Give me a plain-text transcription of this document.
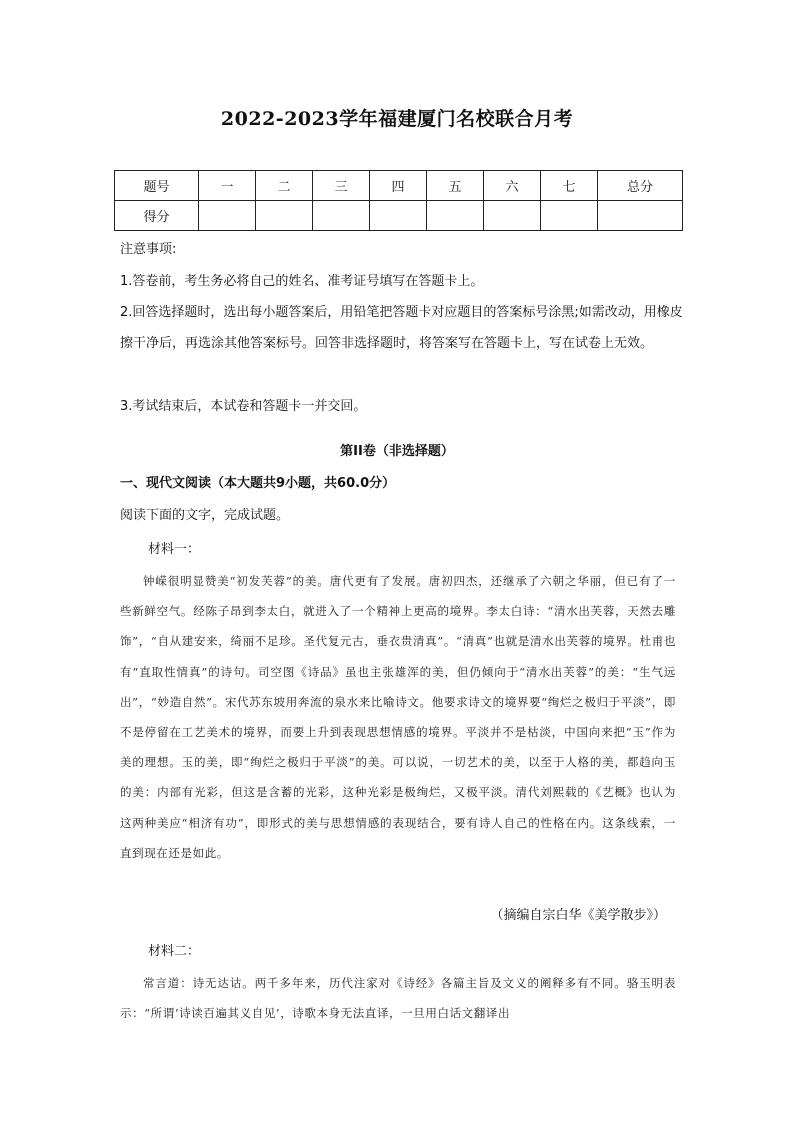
2022-2023学年福建厦门名校联合月考
题号	一	二	三	四	五	六	七	总分
得分								
注意事项:
1.答卷前，考生务必将自己的姓名、准考证号填写在答题卡上。
2.回答选择题时，选出每小题答案后，用铅笔把答题卡对应题目的答案标号涂黑;如需改动，用橡皮擦干净后，再选涂其他答案标号。回答非选择题时，将答案写在答题卡上，写在试卷上无效。
3.考试结束后，本试卷和答题卡一并交回。
第II卷（非选择题）
一、现代文阅读（本大题共9小题，共60.0分）
阅读下面的文字，完成试题。
材料一：
钟嵘很明显赞美“初发芙蓉”的美。唐代更有了发展。唐初四杰，还继承了六朝之华丽，但已有了一些新鲜空气。经陈子昂到李太白，就进入了一个精神上更高的境界。李太白诗：“清水出芙蓉，天然去雕饰”，“自从建安来，绮丽不足珍。圣代复元古，垂衣贵清真”。“清真”也就是清水出芙蓉的境界。杜甫也有“直取性情真”的诗句。司空图《诗品》虽也主张雄浑的美，但仍倾向于“清水出芙蓉”的美：“生气远出”，“妙造自然”。宋代苏东坡用奔流的泉水来比喻诗文。他要求诗文的境界要“绚烂之极归于平淡”，即不是停留在工艺美术的境界，而要上升到表现思想情感的境界。平淡并不是枯淡，中国向来把“玉”作为美的理想。玉的美，即“绚烂之极归于平淡”的美。可以说，一切艺术的美，以至于人格的美，都趋向玉的美：内部有光彩，但这是含蓄的光彩，这种光彩是极绚烂，又极平淡。清代刘熙载的《艺概》也认为这两种美应“相济有功”，即形式的美与思想情感的表现结合，要有诗人自己的性格在内。这条线索，一直到现在还是如此。
（摘编自宗白华《美学散步》）
材料二：
常言道：诗无达诂。两千多年来，历代注家对《诗经》各篇主旨及文义的阐释多有不同。骆玉明表示：“所谓‘诗读百遍其义自见’，诗歌本身无法直译，一旦用白话文翻译出
